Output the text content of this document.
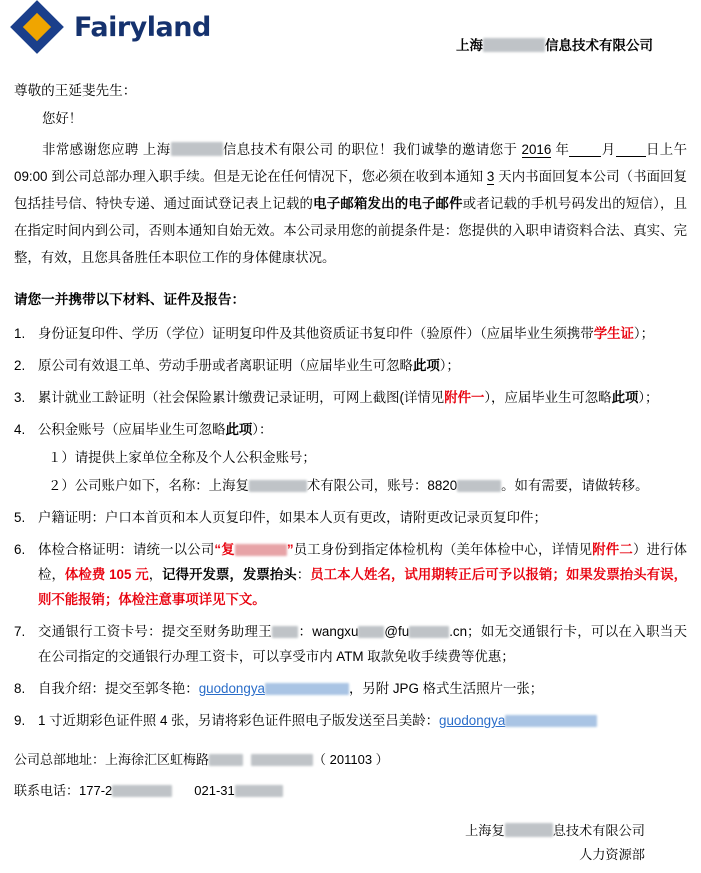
Fairyland
上海	信息技术有限公司
尊敬的王延斐先生：
您好！
非常感谢您应聘 上海	信息技术有限公司 的职位！我们诚挚的邀请您于 2016 年 月 日上午 09:00 到公司总部办理入职手续。但是无论在任何情况下，您必须在收到本通知 3 天内书面回复本公司（书面回复包括挂号信、特快专递、通过面试登记表上记载的电子邮箱发出的电子邮件或者记载的手机号码发出的短信），且在指定时间内到公司，否则本通知自始无效。本公司录用您的前提条件是：您提供的入职申请资料合法、真实、完整，有效，且您具备胜任本职位工作的身体健康状况。
请您一并携带以下材料、证件及报告：
1. 身份证复印件、学历（学位）证明复印件及其他资质证书复印件（验原件）（应届毕业生须携带学生证）；
2. 原公司有效退工单、劳动手册或者离职证明（应届毕业生可忽略此项）；
3. 累计就业工龄证明（社会保险累计缴费记录证明，可网上截图(详情见附件一），应届毕业生可忽略此项）；
4. 公积金账号（应届毕业生可忽略此项）：
１）请提供上家单位全称及个人公积金账号；
２）公司账户如下，名称：上海复	术有限公司，账号：8820	。如有需要，请做转移。
5. 户籍证明：户口本首页和本人页复印件，如果本人页有更改，请附更改记录页复印件；
6. 体检合格证明：请统一以公司“复	”员工身份到指定体检机构（美年体检中心，详情见附件二）进行体检，体检费 105 元，记得开发票，发票抬头：员工本人姓名，试用期转正后可予以报销；如果发票抬头有误，则不能报销；体检注意事项详见下文。
7. 交通银行工资卡号：提交至财务助理王 ：wangxu @fu	.cn；如无交通银行卡，可以在入职当天在公司指定的交通银行办理工资卡，可以享受市内 ATM 取款免收手续费等优惠；
8. 自我介绍：提交至郭冬艳：guodongya	，另附 JPG 格式生活照片一张；
9. 1 寸近期彩色证件照 4 张，另请将彩色证件照电子版发送至吕美龄：guodongya
公司总部地址：上海徐汇区虹梅路	（ 201103 ）
联系电话：177-2	021-31
上海复	息技术有限公司
人力资源部
